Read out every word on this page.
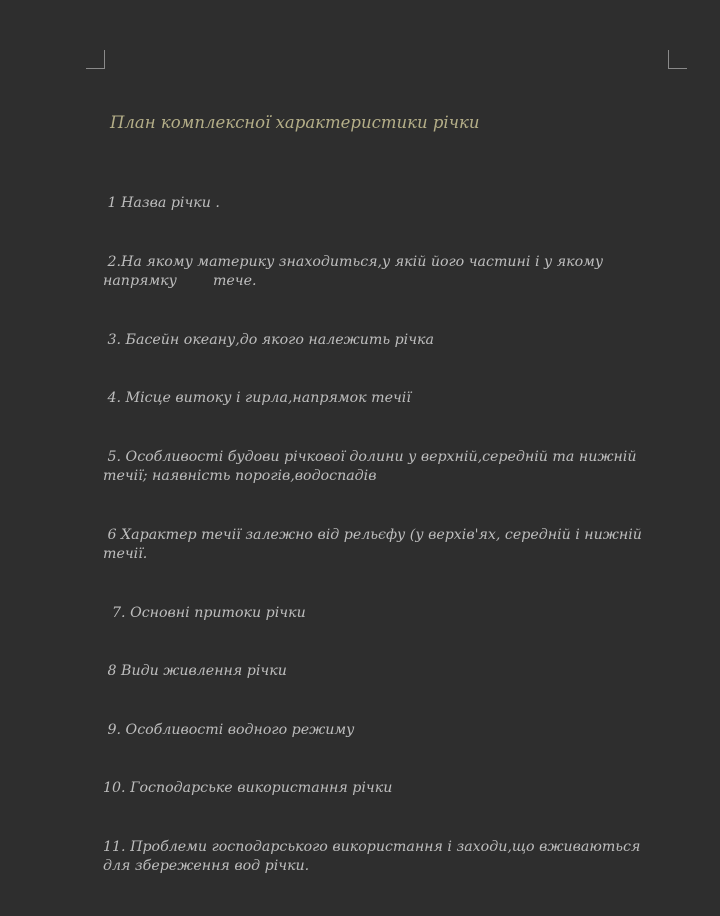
План комплексної характеристики річки

1 Назва річки .

2.На якому материку знаходиться,у якій його частині і у якому
напрямку        тече.

3. Басейн океану,до якого належить річка

4. Місце витоку і гирла,напрямок течії

5. Особливості будови річкової долини у верхній,середній та нижній
течії; наявність порогів,водоспадів

6 Характер течії залежно від рельєфу (у верхів'ях, середній і нижній
течії.

7. Основні притоки річки

8 Види живлення річки

9. Особливості водного режиму

10. Господарське використання річки

11. Проблеми господарського використання і заходи,що вживаються
для збереження вод річки.
